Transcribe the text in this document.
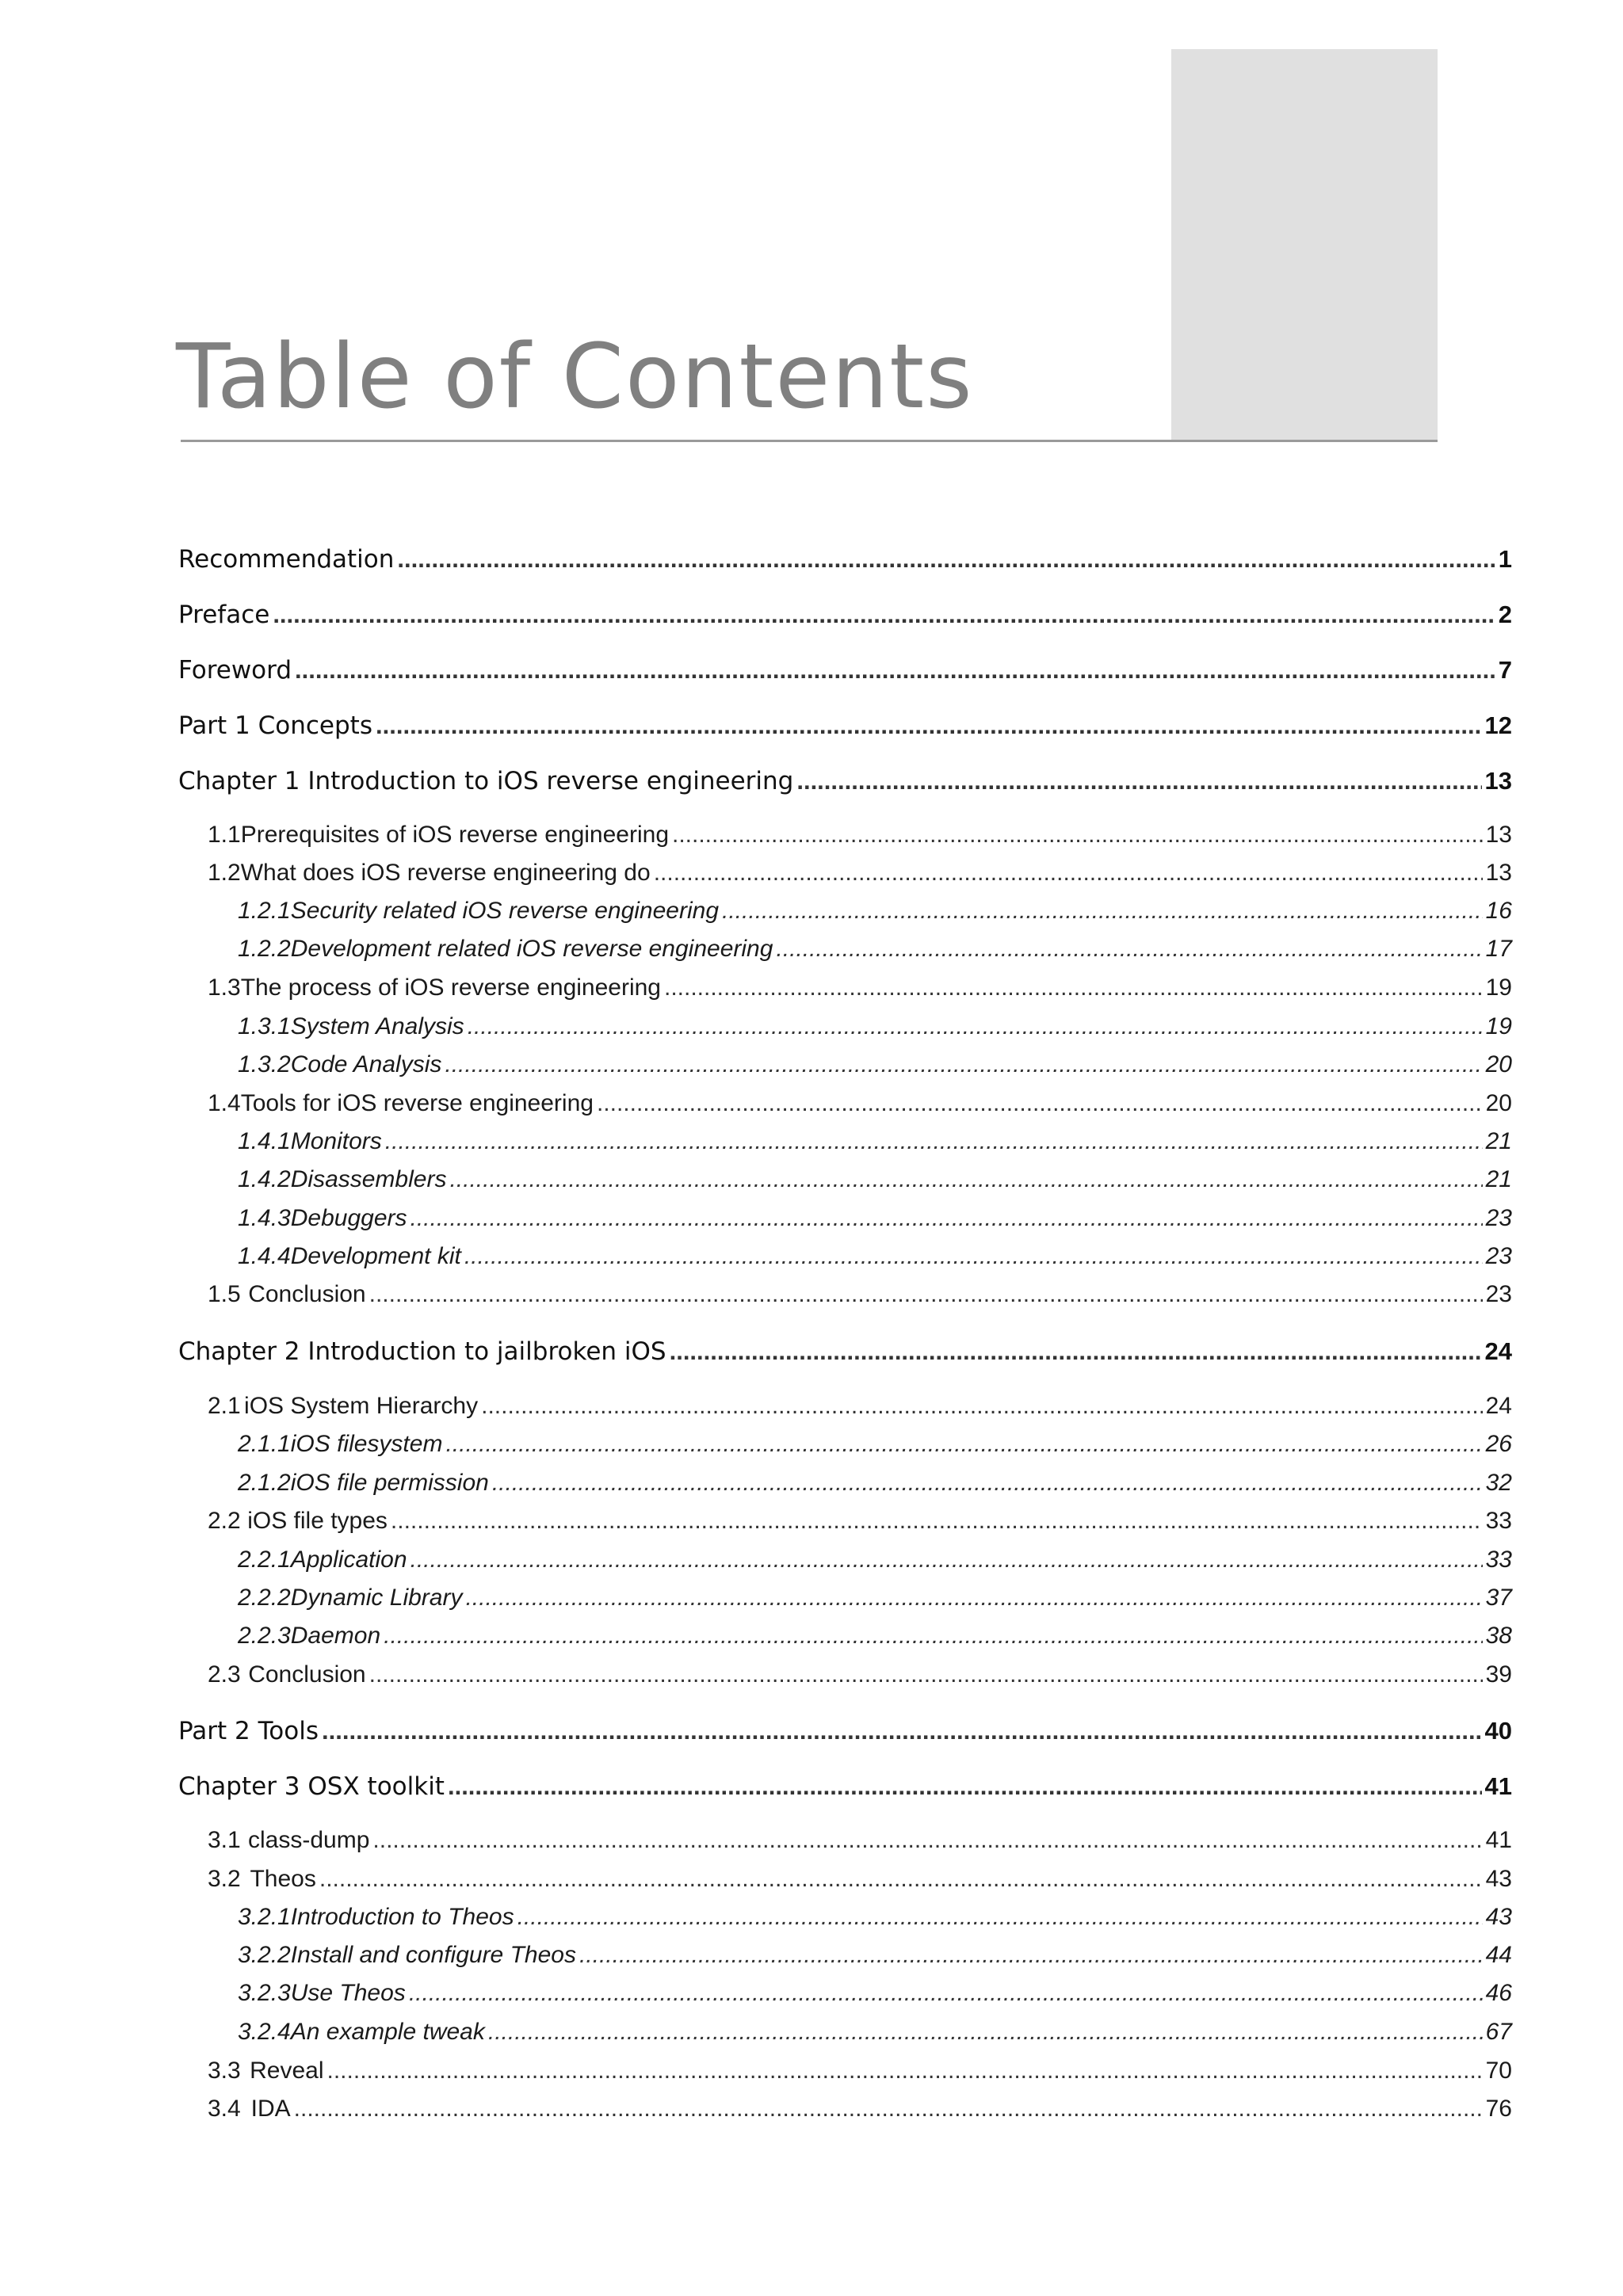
Table of Contents
Recommendation .....	1
Preface .....	2
Foreword .....	7
Part 1 Concepts .....	12
Chapter 1 Introduction to iOS reverse engineering .....	13
1.1 Prerequisites of iOS reverse engineering .....	13
1.2 What does iOS reverse engineering do .....	13
1.2.1 Security related iOS reverse engineering .....	16
1.2.2 Development related iOS reverse engineering .....	17
1.3 The process of iOS reverse engineering .....	19
1.3.1 System Analysis .....	19
1.3.2 Code Analysis .....	20
1.4 Tools for iOS reverse engineering .....	20
1.4.1 Monitors .....	21
1.4.2 Disassemblers .....	21
1.4.3 Debuggers .....	23
1.4.4 Development kit .....	23
1.5 Conclusion .....	23
Chapter 2 Introduction to jailbroken iOS .....	24
2.1 iOS System Hierarchy .....	24
2.1.1 iOS filesystem .....	26
2.1.2 iOS file permission .....	32
2.2 iOS file types .....	33
2.2.1 Application .....	33
2.2.2 Dynamic Library .....	37
2.2.3 Daemon .....	38
2.3 Conclusion .....	39
Part 2 Tools .....	40
Chapter 3 OSX toolkit .....	41
3.1 class-dump .....	41
3.2 Theos .....	43
3.2.1 Introduction to Theos .....	43
3.2.2 Install and configure Theos .....	44
3.2.3 Use Theos .....	46
3.2.4 An example tweak .....	67
3.3 Reveal .....	70
3.4 IDA .....	76
